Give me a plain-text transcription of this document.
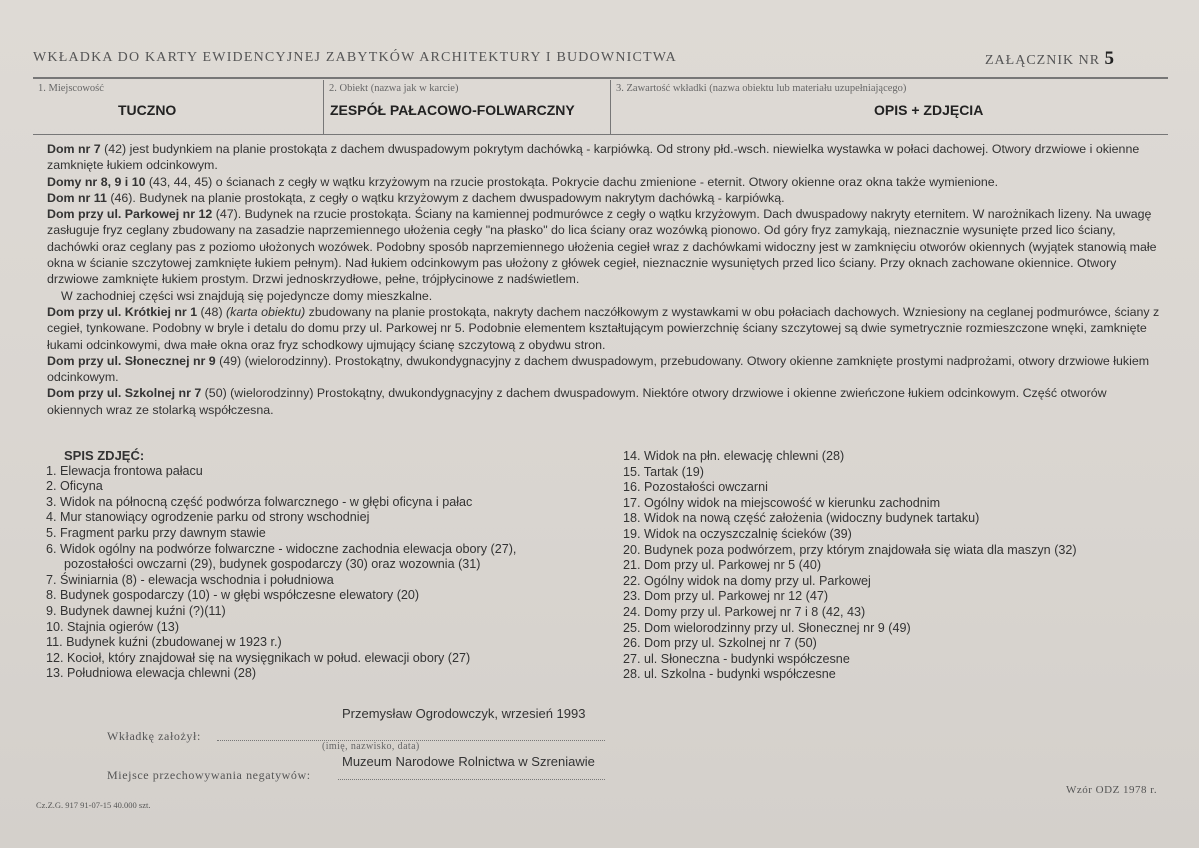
WKŁADKA DO KARTY EWIDENCYJNEJ ZABYTKÓW ARCHITEKTURY I BUDOWNICTWA	ZAŁĄCZNIK NR 5
1. Miejscowość
TUCZNO
2. Obiekt (nazwa jak w karcie)
ZESPÓŁ PAŁACOWO-FOLWARCZNY
3. Zawartość wkładki (nazwa obiektu lub materiału uzupełniającego)
OPIS + ZDJĘCIA

Dom nr 7 (42) jest budynkiem na planie prostokąta z dachem dwuspadowym pokrytym dachówką - karpiówką. Od strony płd.-wsch. niewielka wystawka w połaci dachowej. Otwory drzwiowe i okienne zamknięte łukiem odcinkowym.

Domy nr 8, 9 i 10 (43, 44, 45) o ścianach z cegły w wątku krzyżowym na rzucie prostokąta. Pokrycie dachu zmienione - eternit. Otwory okienne oraz okna także wymienione.

Dom nr 11 (46). Budynek na planie prostokąta, z cegły o wątku krzyżowym z dachem dwuspadowym nakrytym dachówką - karpiówką.

Dom przy ul. Parkowej nr 12 (47). Budynek na rzucie prostokąta. Ściany na kamiennej podmurówce z cegły o wątku krzyżowym. Dach dwuspadowy nakryty eternitem. W narożnikach lizeny. Na uwagę zasługuje fryz ceglany zbudowany na zasadzie naprzemiennego ułożenia cegły "na płasko" do lica ściany oraz wozówką pionowo. Od góry fryz zamykają, nieznacznie wysunięte przed lico ściany, dachówki oraz ceglany pas z poziomo ułożonych wozówek. Podobny sposób naprzemiennego ułożenia cegieł wraz z dachówkami widoczny jest w zamknięciu otworów okiennych (wyjątek stanowią małe okna w ścianie szczytowej zamknięte łukiem pełnym). Nad łukiem odcinkowym pas ułożony z główek cegieł, nieznacznie wysuniętych przed lico ściany. Przy oknach zachowane okiennice. Otwory drzwiowe zamknięte łukiem prostym. Drzwi jednoskrzydłowe, pełne, trójpłycinowe z nadświetlem.

W zachodniej części wsi znajdują się pojedyncze domy mieszkalne.

Dom przy ul. Krótkiej nr 1 (48) (karta obiektu) zbudowany na planie prostokąta, nakryty dachem naczółkowym z wystawkami w obu połaciach dachowych. Wzniesiony na ceglanej podmurówce, ściany z cegieł, tynkowane. Podobny w bryle i detalu do domu przy ul. Parkowej nr 5. Podobnie elementem kształtującym powierzchnię ściany szczytowej są dwie symetrycznie rozmieszczone wnęki, zamknięte łukami odcinkowymi, dwa małe okna oraz fryz schodkowy ujmujący ścianę szczytową z obydwu stron.

Dom przy ul. Słonecznej nr 9 (49) (wielorodzinny). Prostokątny, dwukondygnacyjny z dachem dwuspadowym, przebudowany. Otwory okienne zamknięte prostymi nadprożami, otwory drzwiowe łukiem odcinkowym.

Dom przy ul. Szkolnej nr 7 (50) (wielorodzinny) Prostokątny, dwukondygnacyjny z dachem dwuspadowym. Niektóre otwory drzwiowe i okienne zwieńczone łukiem odcinkowym. Część otworów okiennych wraz ze stolarką współczesna.

SPIS ZDJĘĆ:
1. Elewacja frontowa pałacu
2. Oficyna
3. Widok na północną część podwórza folwarcznego - w głębi oficyna i pałac
4. Mur stanowiący ogrodzenie parku od strony wschodniej
5. Fragment parku przy dawnym stawie
6. Widok ogólny na podwórze folwarczne - widoczne zachodnia elewacja obory (27),
pozostałości owczarni (29), budynek gospodarczy (30) oraz wozownia (31)
7. Świniarnia (8) - elewacja wschodnia i południowa
8. Budynek gospodarczy (10) - w głębi współczesne elewatory (20)
9. Budynek dawnej kuźni (?)(11)
10. Stajnia ogierów (13)
11. Budynek kuźni (zbudowanej w 1923 r.)
12. Kocioł, który znajdował się na wysięgnikach w połud. elewacji obory (27)
13. Południowa elewacja chlewni (28)
14. Widok na płn. elewację chlewni (28)
15. Tartak (19)
16. Pozostałości owczarni
17. Ogólny widok na miejscowość w kierunku zachodnim
18. Widok na nową część założenia (widoczny budynek tartaku)
19. Widok na oczyszczalnię ścieków (39)
20. Budynek poza podwórzem, przy którym znajdowała się wiata dla maszyn (32)
21. Dom przy ul. Parkowej nr 5 (40)
22. Ogólny widok na domy przy ul. Parkowej
23. Dom przy ul. Parkowej nr 12 (47)
24. Domy przy ul. Parkowej nr 7 i 8 (42, 43)
25. Dom wielorodzinny przy ul. Słonecznej nr 9 (49)
26. Dom przy ul. Szkolnej nr 7 (50)
27. ul. Słoneczna - budynki współczesne
28. ul. Szkolna - budynki współczesne
Przemysław Ogrodowczyk, wrzesień 1993
Wkładkę założył:
(imię, nazwisko, data)
Muzeum Narodowe Rolnictwa w Szreniawie
Miejsce przechowywania negatywów:
Wzór ODZ 1978 r.
Cz.Z.G. 917 91-07-15 40.000 szt.
